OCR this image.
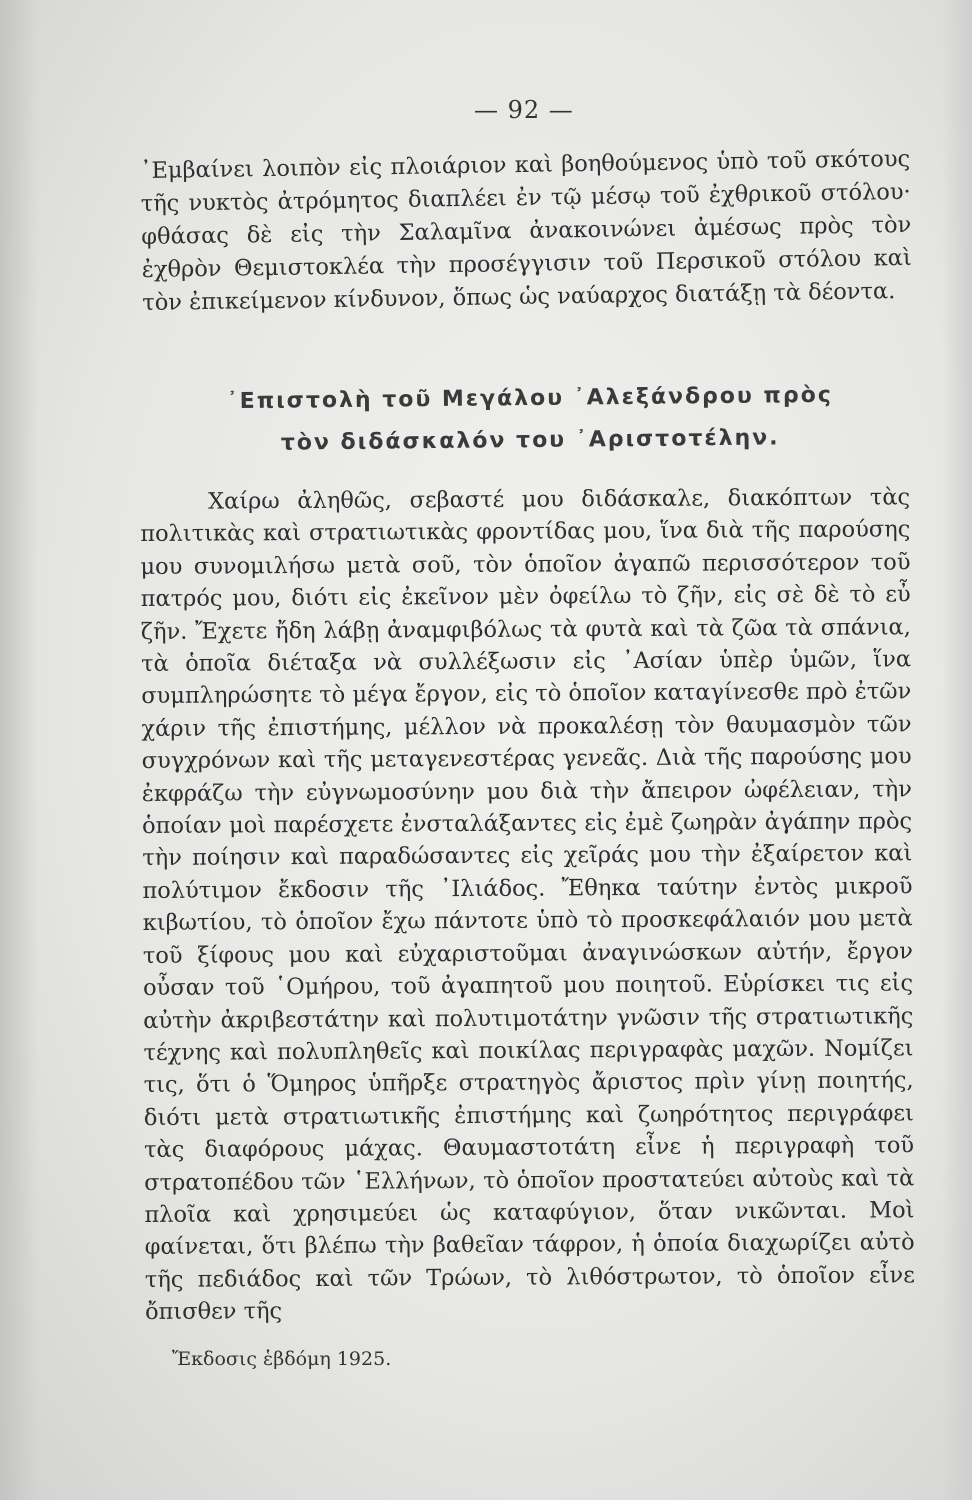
— 92 —

᾿Εμβαίνει λοιπὸν εἰς πλοιάριον καὶ βοηθούμενος ὑπὸ τοῦ σκότους τῆς νυκτὸς ἀτρόμητος διαπλέει ἐν τῷ μέσῳ τοῦ ἐχθρικοῦ στόλου· φθάσας δὲ εἰς τὴν Σαλαμῖνα ἀνακοινώνει ἀμέσως πρὸς τὸν ἐχθρὸν Θεμιστοκλέα τὴν προσέγγισιν τοῦ Περσικοῦ στόλου καὶ τὸν ἐπικείμενον κίνδυνον, ὅπως ὡς ναύαρχος διατάξῃ τὰ δέοντα.

᾿Επιστολὴ τοῦ Μεγάλου ᾿Αλεξάνδρου πρὸς
τὸν διδάσκαλόν του ᾿Αριστοτέλην.

Χαίρω ἀληθῶς, σεβαστέ μου διδάσκαλε, διακόπτων τὰς πολιτικὰς καὶ στρατιωτικὰς φροντίδας μου, ἵνα διὰ τῆς παρούσης μου συνομιλήσω μετὰ σοῦ, τὸν ὁποῖον ἀγαπῶ περισσότερον τοῦ πατρός μου, διότι εἰς ἐκεῖνον μὲν ὀφείλω τὸ ζῆν, εἰς σὲ δὲ τὸ εὖ ζῆν. Ἔχετε ἤδη λάβῃ ἀναμφιβόλως τὰ φυτὰ καὶ τὰ ζῶα τὰ σπάνια, τὰ ὁποῖα διέταξα νὰ συλλέξωσιν εἰς ᾿Ασίαν ὑπὲρ ὑμῶν, ἵνα συμπληρώσητε τὸ μέγα ἔργον, εἰς τὸ ὁποῖον καταγίνεσθε πρὸ ἐτῶν χάριν τῆς ἐπιστήμης, μέλλον νὰ προκαλέσῃ τὸν θαυμασμὸν τῶν συγχρόνων καὶ τῆς μεταγενεστέρας γενεᾶς. Διὰ τῆς παρούσης μου ἐκφράζω τὴν εὐγνωμοσύνην μου διὰ τὴν ἄπειρον ὠφέλειαν, τὴν ὁποίαν μοὶ παρέσχετε ἐνσταλάξαντες εἰς ἐμὲ ζωηρὰν ἀγάπην πρὸς τὴν ποίησιν καὶ παραδώσαντες εἰς χεῖράς μου τὴν ἐξαίρετον καὶ πολύτιμον ἔκδοσιν τῆς ᾿Ιλιάδος. Ἔθηκα ταύτην ἐντὸς μικροῦ κιβωτίου, τὸ ὁποῖον ἔχω πάντοτε ὑπὸ τὸ προσκεφάλαιόν μου μετὰ τοῦ ξίφους μου καὶ εὐχαριστοῦμαι ἀναγινώσκων αὐτήν, ἔργον οὖσαν τοῦ ῾Ομήρου, τοῦ ἀγαπητοῦ μου ποιητοῦ. Εὑρίσκει τις εἰς αὐτὴν ἀκριβεστάτην καὶ πολυτιμοτάτην γνῶσιν τῆς στρατιωτικῆς τέχνης καὶ πολυπληθεῖς καὶ ποικίλας περιγραφὰς μαχῶν. Νομίζει τις, ὅτι ὁ Ὅμηρος ὑπῆρξε στρατηγὸς ἄριστος πρὶν γίνῃ ποιητής, διότι μετὰ στρατιωτικῆς ἐπιστήμης καὶ ζωηρότητος περιγράφει τὰς διαφόρους μάχας. Θαυμαστοτάτη εἶνε ἡ περιγραφὴ τοῦ στρατοπέδου τῶν ῾Ελλήνων, τὸ ὁποῖον προστατεύει αὐτοὺς καὶ τὰ πλοῖα καὶ χρησιμεύει ὡς καταφύγιον, ὅταν νικῶνται. Μοὶ φαίνεται, ὅτι βλέπω τὴν βαθεῖαν τάφρον, ἡ ὁποία διαχωρίζει αὐτὸ τῆς πεδιάδος καὶ τῶν Τρώων, τὸ λιθόστρωτον, τὸ ὁποῖον εἶνε ὄπισθεν τῆς

Ἔκδοσις ἑβδόμη 1925.
